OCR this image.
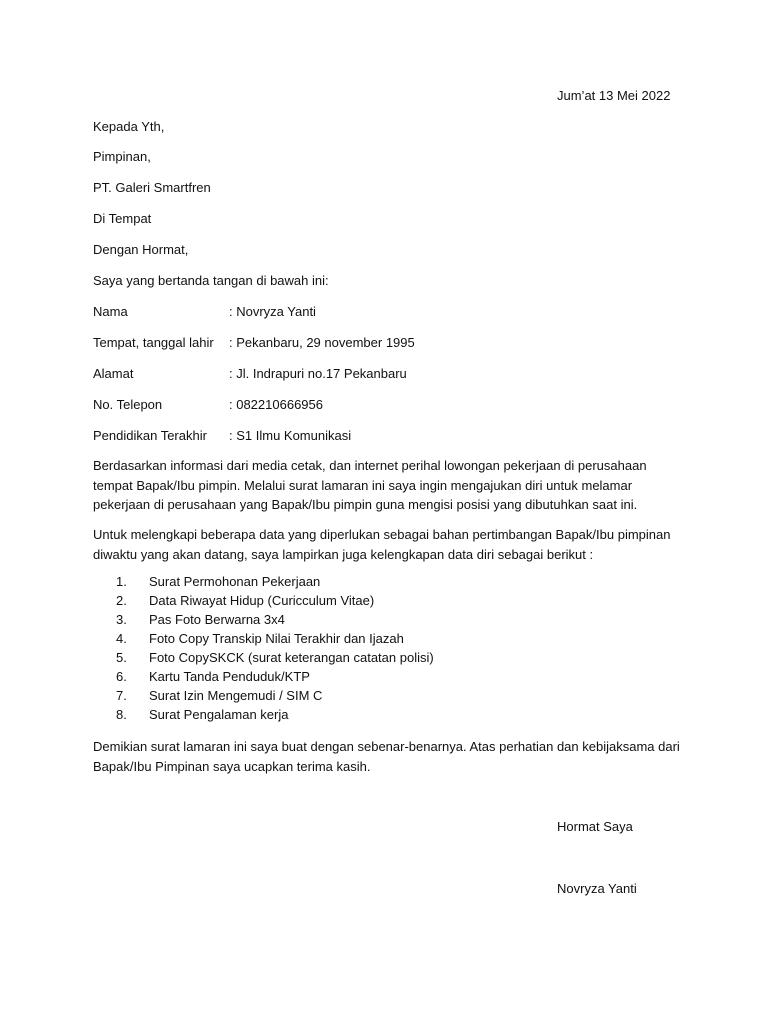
Jum’at 13 Mei 2022
Kepada Yth,
Pimpinan,
PT. Galeri Smartfren
Di Tempat
Dengan Hormat,
Saya yang bertanda tangan di bawah ini:
Nama	: Novryza Yanti
Tempat, tanggal lahir : Pekanbaru, 29 november 1995
Alamat	: Jl. Indrapuri no.17 Pekanbaru
No. Telepon	: 082210666956
Pendidikan Terakhir : S1 Ilmu Komunikasi
Berdasarkan informasi dari media cetak, dan internet perihal lowongan pekerjaan di perusahaan tempat Bapak/Ibu pimpin. Melalui surat lamaran ini saya ingin mengajukan diri untuk melamar pekerjaan di perusahaan yang Bapak/Ibu pimpin guna mengisi posisi yang dibutuhkan saat ini.
Untuk melengkapi beberapa data yang diperlukan sebagai bahan pertimbangan Bapak/Ibu pimpinan diwaktu yang akan datang, saya lampirkan juga kelengkapan data diri sebagai berikut :
1. Surat Permohonan Pekerjaan
2. Data Riwayat Hidup (Curicculum Vitae)
3. Pas Foto Berwarna 3x4
4. Foto Copy Transkip Nilai Terakhir dan Ijazah
5. Foto CopySKCK (surat keterangan catatan polisi)
6. Kartu Tanda Penduduk/KTP
7. Surat Izin Mengemudi / SIM C
8. Surat Pengalaman kerja
Demikian surat lamaran ini saya buat dengan sebenar-benarnya. Atas perhatian dan kebijaksama dari Bapak/Ibu Pimpinan saya ucapkan terima kasih.
Hormat Saya
Novryza Yanti
